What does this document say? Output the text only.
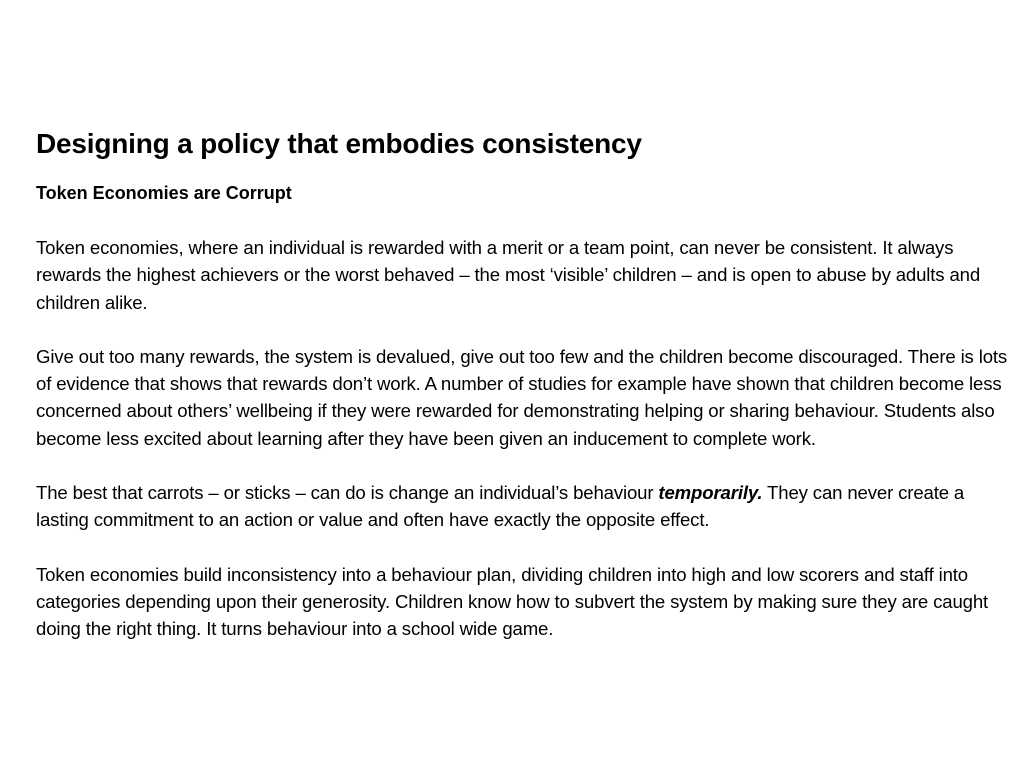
Designing a policy that embodies consistency
Token Economies are Corrupt

Token economies, where an individual is rewarded with a merit or a team point, can never be consistent. It always rewards the highest achievers or the worst behaved – the most ‘visible’ children – and is open to abuse by adults and children alike.

Give out too many rewards, the system is devalued, give out too few and the children become discouraged. There is lots of evidence that shows that rewards don’t work. A number of studies for example have shown that children become less concerned about others’ wellbeing if they were rewarded for demonstrating helping or sharing behaviour. Students also become less excited about learning after they have been given an inducement to complete work.

The best that carrots – or sticks – can do is change an individual’s behaviour temporarily. They can never create a lasting commitment to an action or value and often have exactly the opposite effect.

Token economies build inconsistency into a behaviour plan, dividing children into high and low scorers and staff into categories depending upon their generosity. Children know how to subvert the system by making sure they are caught doing the right thing. It turns behaviour into a school wide game.
